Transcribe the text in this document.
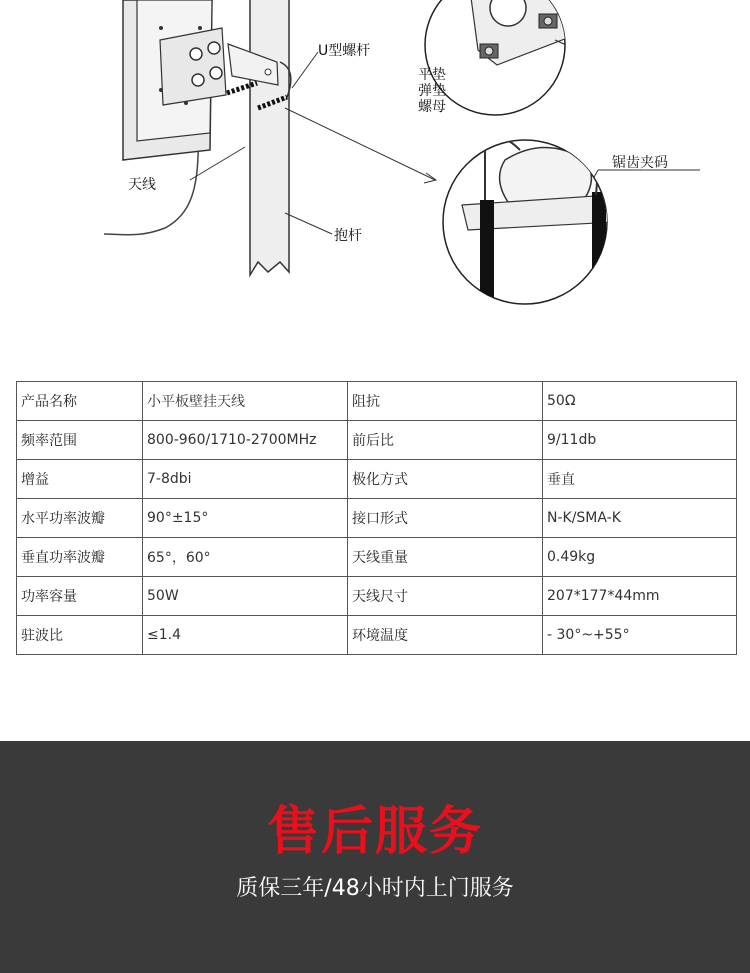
U型螺杆
平垫
弹垫
螺母
锯齿夹码
天线
抱杆
产品名称	小平板壁挂天线	阻抗	50Ω
频率范围	800-960/1710-2700MHz	前后比	9/11db
增益	7-8dbi	极化方式	垂直
水平功率波瓣	90°±15°	接口形式	N-K/SMA-K
垂直功率波瓣	65°，60°	天线重量	0.49kg
功率容量	50W	天线尺寸	207*177*44mm
驻波比	≤1.4	环境温度	- 30°~+55°
售后服务
质保三年/48小时内上门服务
